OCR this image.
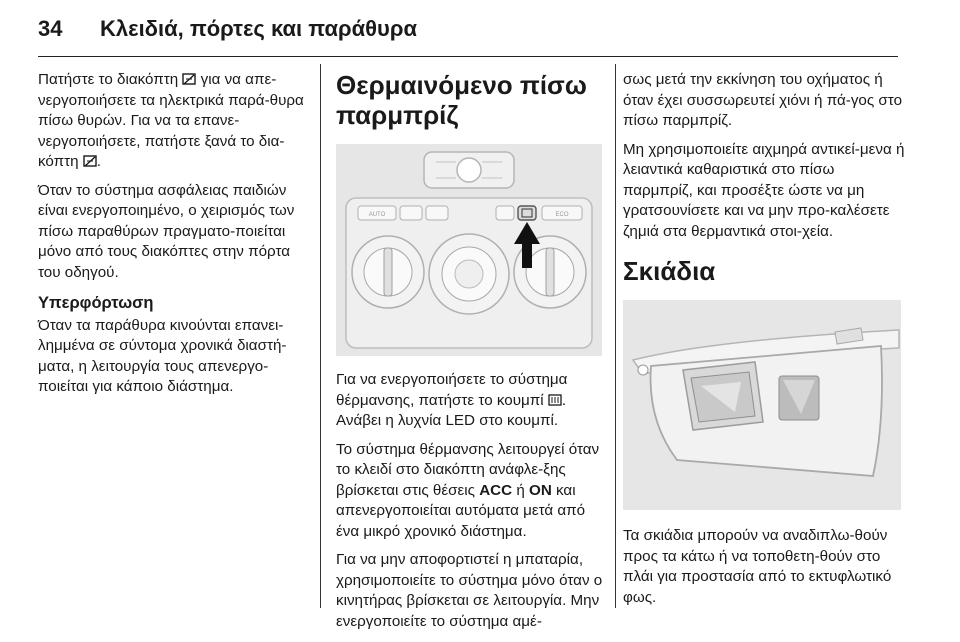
34	Κλειδιά, πόρτες και παράθυρα

Πατήστε το διακόπτη  για να απε-νεργοποιήσετε τα ηλεκτρικά παρά-θυρα πίσω θυρών. Για να τα επανε-νεργοποιήσετε, πατήστε ξανά το δια-κόπτη .

Όταν το σύστημα ασφάλειας παιδιών είναι ενεργοποιημένο, ο χειρισμός των πίσω παραθύρων πραγματο-ποιείται μόνο από τους διακόπτες στην πόρτα του οδηγού.

Υπερφόρτωση

Όταν τα παράθυρα κινούνται επανει-λημμένα σε σύντομα χρονικά διαστή-ματα, η λειτουργία τους απενεργο-ποιείται για κάποιο διάστημα.

Θερμαινόμενο πίσω
παρμπρίζ
AUTO	ECO

Για να ενεργοποιήσετε το σύστημα θέρμανσης, πατήστε το κουμπί . Ανάβει η λυχνία LED στο κουμπί.

Το σύστημα θέρμανσης λειτουργεί όταν το κλειδί στο διακόπτη ανάφλε-ξης βρίσκεται στις θέσεις ACC ή ON και απενεργοποιείται αυτόματα μετά από ένα μικρό χρονικό διάστημα.

Για να μην αποφορτιστεί η μπαταρία, χρησιμοποιείτε το σύστημα μόνο όταν ο κινητήρας βρίσκεται σε λειτουργία. Μην ενεργοποιείτε το σύστημα αμέ-

σως μετά την εκκίνηση του οχήματος ή όταν έχει συσσωρευτεί χιόνι ή πά-γος στο πίσω παρμπρίζ.

Μη χρησιμοποιείτε αιχμηρά αντικεί-μενα ή λειαντικά καθαριστικά στο πίσω παρμπρίζ, και προσέξτε ώστε να μη γρατσουνίσετε και να μην προ-καλέσετε ζημιά στα θερμαντικά στοι-χεία.

Σκιάδια

Τα σκιάδια μπορούν να αναδιπλω-θούν προς τα κάτω ή να τοποθετη-θούν στο πλάι για προστασία από το εκτυφλωτικό φως.
